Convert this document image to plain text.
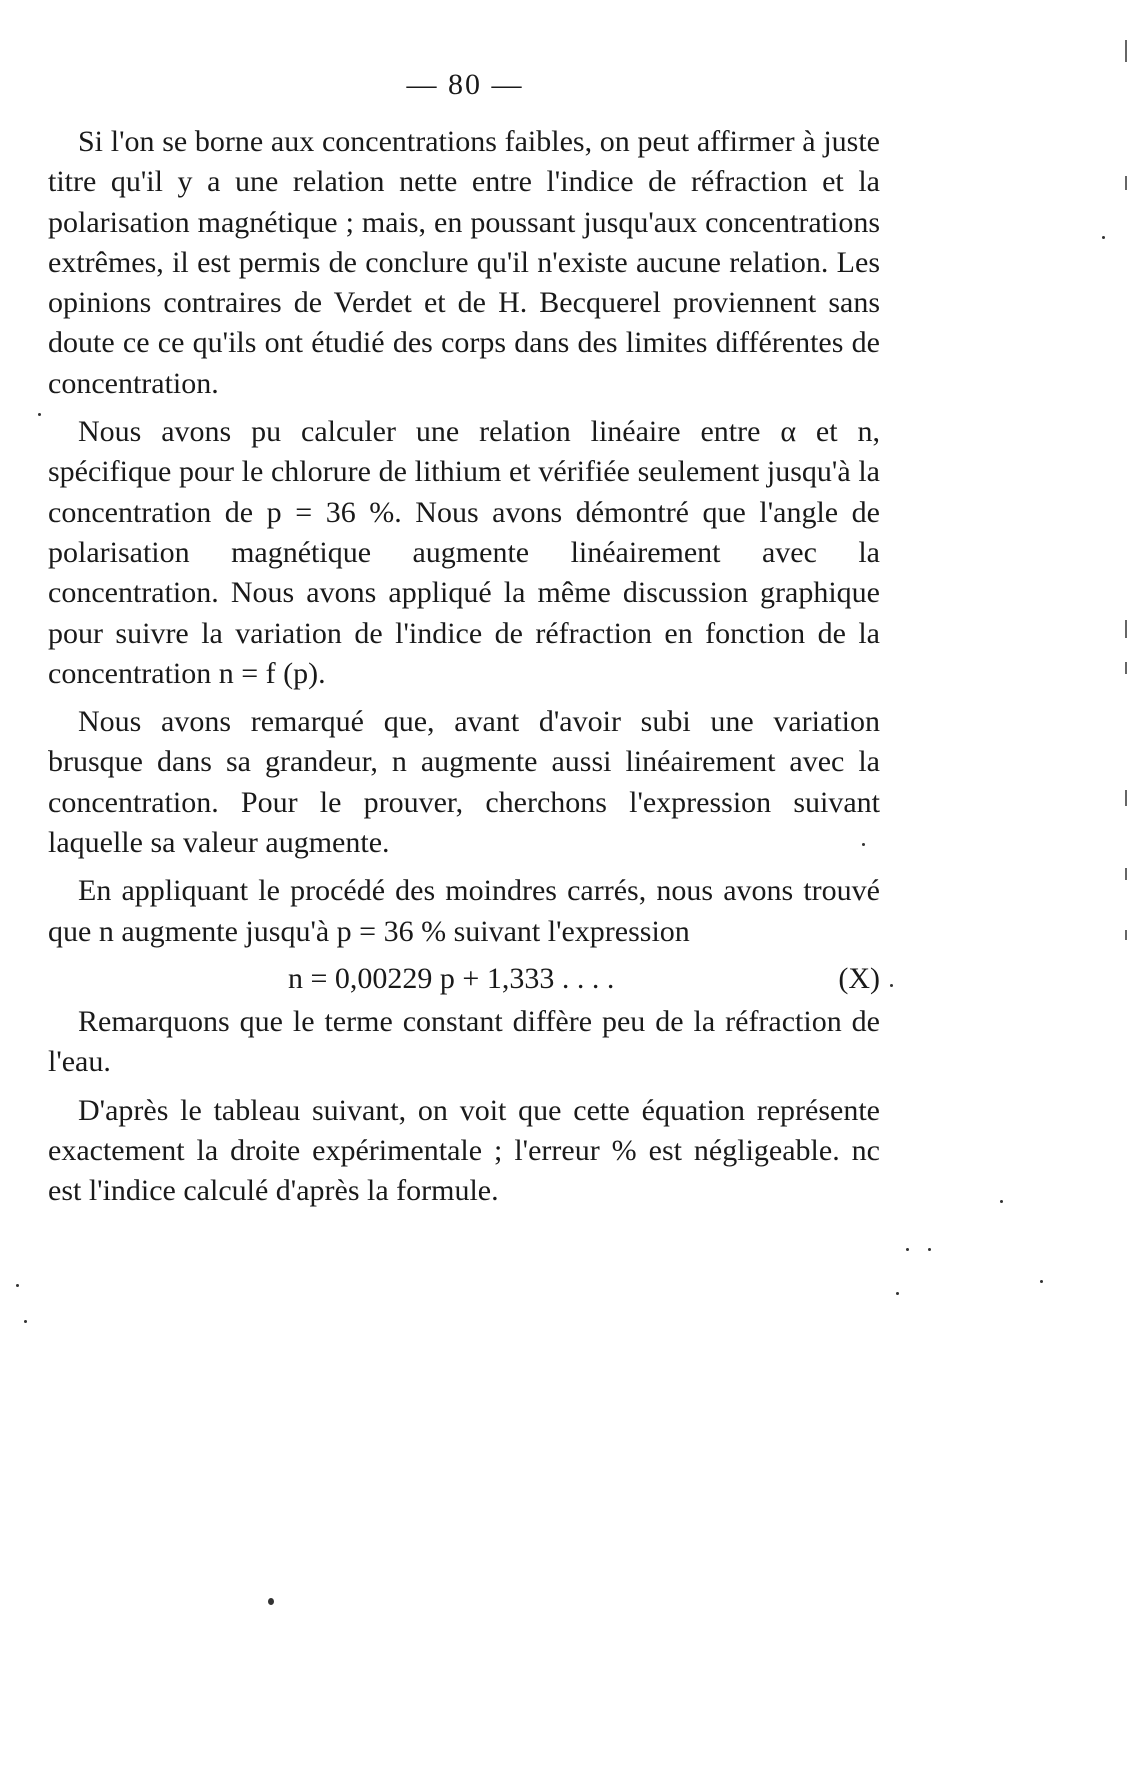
— 80 —

Si l'on se borne aux concentrations faibles, on peut affirmer à juste titre qu'il y a une relation nette entre l'indice de réfraction et la polarisation magnétique ; mais, en poussant jusqu'aux concentrations extrêmes, il est permis de conclure qu'il n'existe aucune relation. Les opinions contraires de Verdet et de H. Becquerel proviennent sans doute ce ce qu'ils ont étudié des corps dans des limites différentes de concentration.

Nous avons pu calculer une relation linéaire entre α et n, spécifique pour le chlorure de lithium et vérifiée seulement jusqu'à la concentration de p = 36 %. Nous avons démontré que l'angle de polarisation magnétique augmente linéairement avec la concentration. Nous avons appliqué la même discussion graphique pour suivre la variation de l'indice de réfraction en fonction de la concentration n = f (p).

Nous avons remarqué que, avant d'avoir subi une variation brusque dans sa grandeur, n augmente aussi linéairement avec la concentration. Pour le prouver, cherchons l'expression suivant laquelle sa valeur augmente.

En appliquant le procédé des moindres carrés, nous avons trouvé que n augmente jusqu'à p = 36 % suivant l'expression

n = 0,00229 p + 1,333 . . . .	(X)

Remarquons que le terme constant diffère peu de la réfraction de l'eau.

D'après le tableau suivant, on voit que cette équation représente exactement la droite expérimentale ; l'erreur % est négligeable. nc est l'indice calculé d'après la formule.
